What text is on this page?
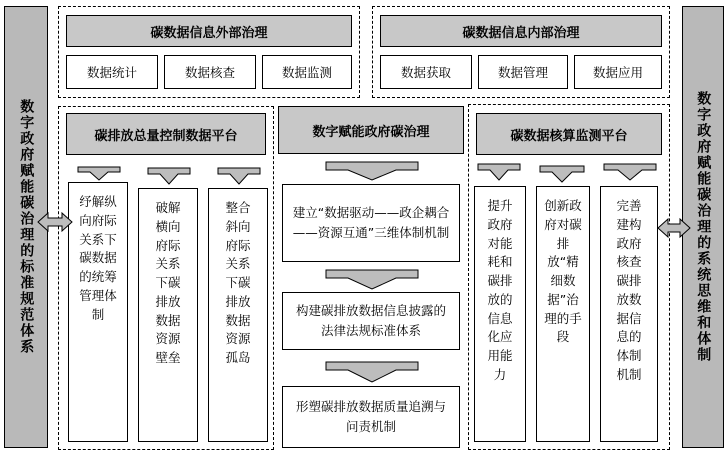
数字政府赋能碳治理的标准规范体系	数字政府赋能碳治理的系统思维和体制
碳数据信息外部治理
数据统计	数据核查	数据监测
碳数据信息内部治理
数据获取	数据管理	数据应用
碳排放总量控制数据平台
纾解纵向府际关系下碳数据的统筹管理体制
破解横向府际关系下碳排放数据资源壁垒
整合斜向府际关系下碳排放数据资源孤岛
数字赋能政府碳治理
建立“数据驱动——政企耦合——资源互通”三维体制机制
构建碳排放数据信息披露的法律法规标准体系
形塑碳排放数据质量追溯与问责机制
碳数据核算监测平台
提升政府对能耗和碳排放的信息化应用能力
创新政府对碳排放“精细数据”治理的手段
完善建构政府核查碳排放数据信息的体制机制
